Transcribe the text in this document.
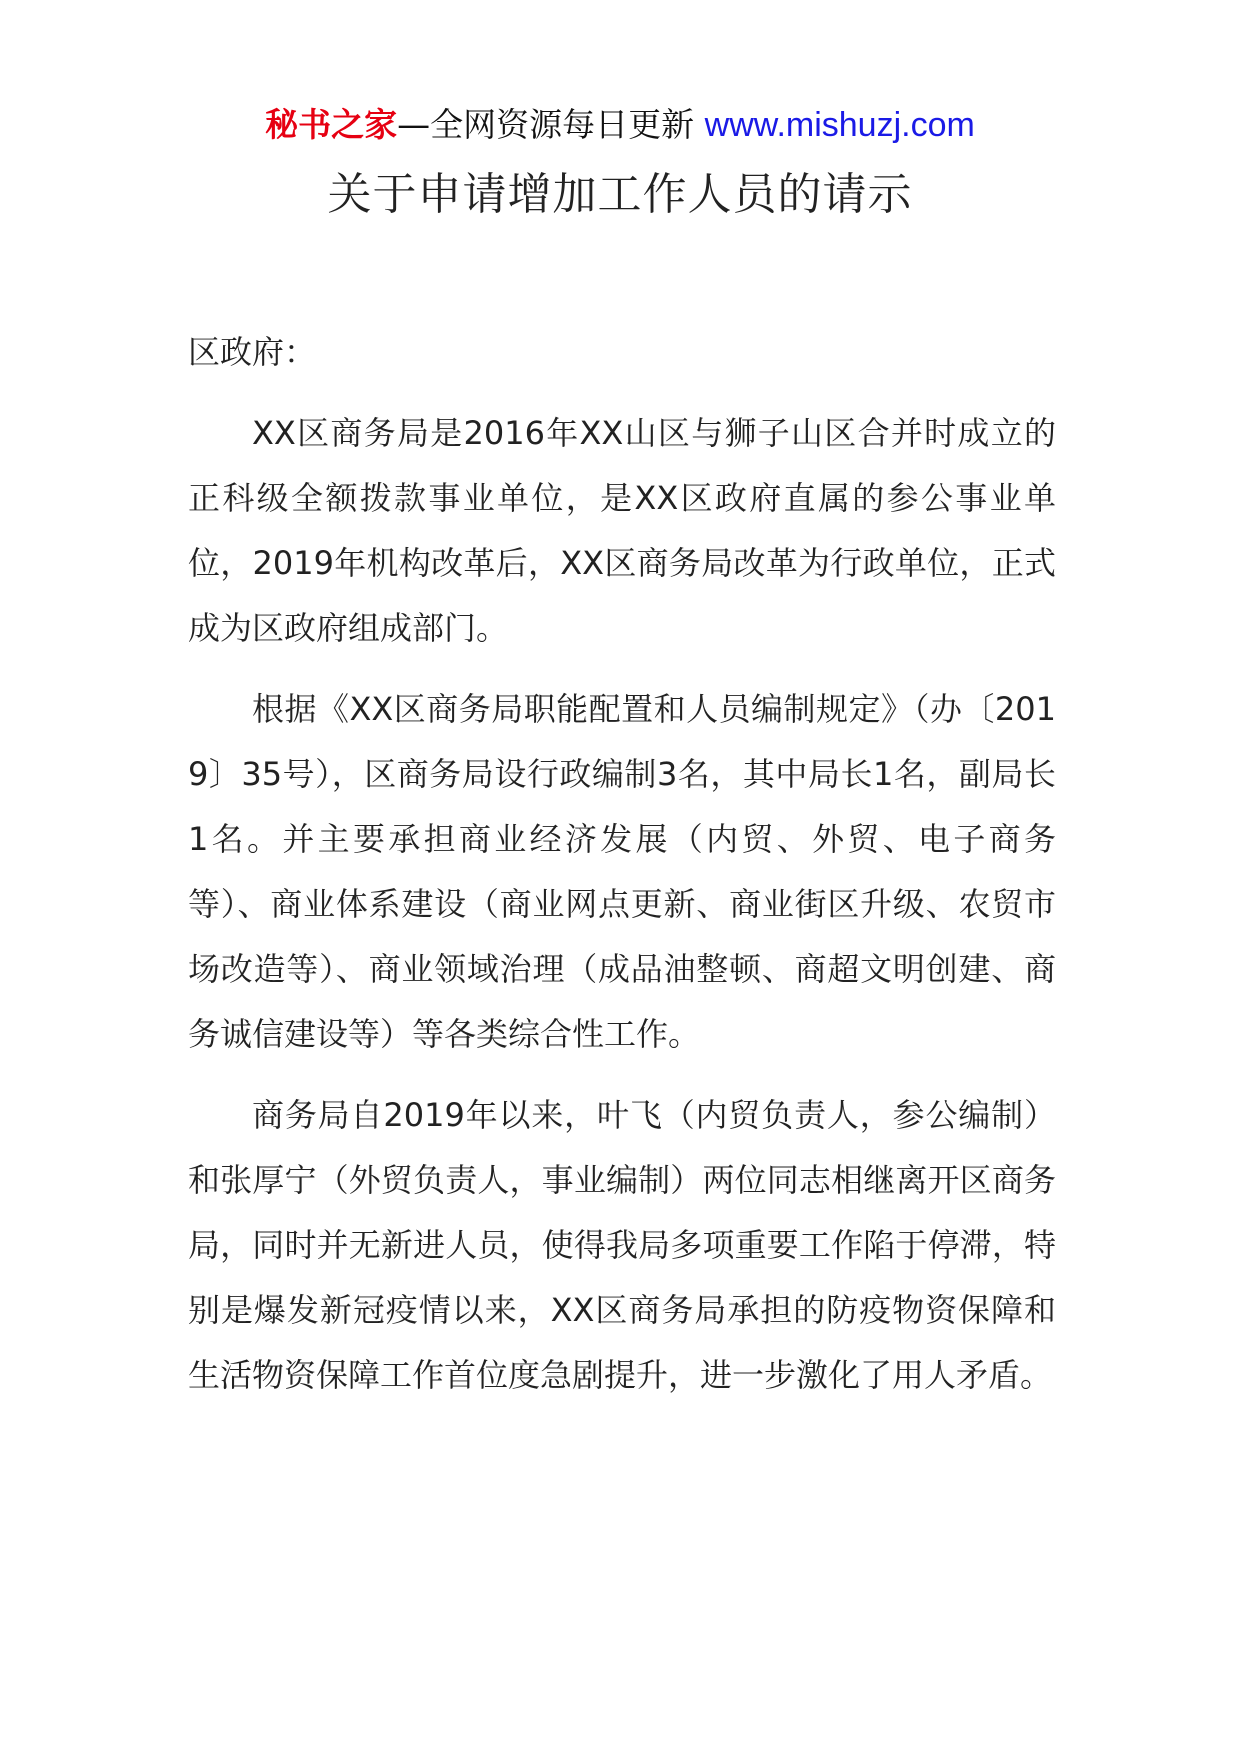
秘书之家—全网资源每日更新 www.mishuzj.com
关于申请增加工作人员的请示

区政府：

XX区商务局是2016年XX山区与狮子山区合并时成立的正科级全额拨款事业单位，是XX区政府直属的参公事业单位，2019年机构改革后，XX区商务局改革为行政单位，正式成为区政府组成部门。

根据《XX区商务局职能配置和人员编制规定》（办〔2019〕35号），区商务局设行政编制3名，其中局长1名，副局长1名。并主要承担商业经济发展（内贸、外贸、电子商务等）、商业体系建设（商业网点更新、商业街区升级、农贸市场改造等）、商业领域治理（成品油整顿、商超文明创建、商务诚信建设等）等各类综合性工作。

商务局自2019年以来，叶飞（内贸负责人，参公编制）和张厚宁（外贸负责人，事业编制）两位同志相继离开区商务局，同时并无新进人员，使得我局多项重要工作陷于停滞，特别是爆发新冠疫情以来，XX区商务局承担的防疫物资保障和生活物资保障工作首位度急剧提升，进一步激化了用人矛盾。
